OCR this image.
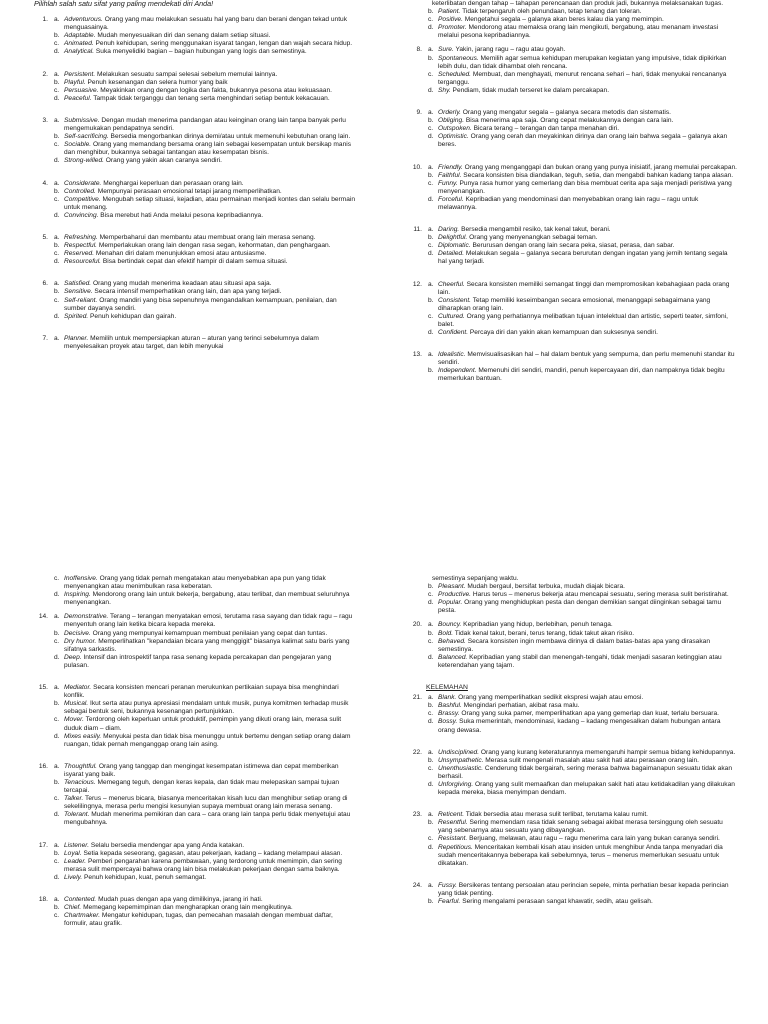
Pilihlah salah satu sifat yang paling mendekati diri Anda!
1. a. Adventurous. Orang yang mau melakukan sesuatu hal yang baru dan berani dengan tekad untuk menguasainya.
b. Adaptable. Mudah menyesuaikan diri dan senang dalam setiap situasi.
c. Animated. Penuh kehidupan, sering menggunakan isyarat tangan, lengan dan wajah secara hidup.
d. Analytical. Suka menyelidiki bagian – bagian hubungan yang logis dan semestinya.
2. a. Persistent. Melakukan sesuatu sampai selesai sebelum memulai lainnya.
b. Playful. Penuh kesenangan dan selera humor yang baik
c. Persuasive. Meyakinkan orang dengan logika dan fakta, bukannya pesona atau kekuasaan.
d. Peaceful. Tampak tidak terganggu dan tenang serta menghindari setiap bentuk kekacauan.
3. a. Submissive. Dengan mudah menerima pandangan atau keinginan orang lain tanpa banyak perlu mengemukakan pendapatnya sendiri.
b. Self-sacrificing. Bersedia mengorbankan dirinya demi/atau untuk memenuhi kebutuhan orang lain.
c. Sociable. Orang yang memandang bersama orang lain sebagai kesempatan untuk bersikap manis dan menghibur, bukannya sebagai tantangan atau kesempatan bisnis.
d. Strong-willed. Orang yang yakin akan caranya sendiri.
4. a. Considerate. Menghargai keperluan dan perasaan orang lain.
b. Controlled. Mempunyai perasaan emosional tetapi jarang memperlihatkan.
c. Competitive. Mengubah setiap situasi, kejadian, atau permainan menjadi kontes dan selalu bermain untuk menang.
d. Convincing. Bisa merebut hati Anda melalui pesona kepribadiannya.
5. a. Refreshing. Memperbaharui dan membantu atau membuat orang lain merasa senang.
b. Respectful. Memperlakukan orang lain dengan rasa segan, kehormatan, dan penghargaan.
c. Reserved. Menahan diri dalam menunjukkan emosi atau antusiasme.
d. Resourceful. Bisa bertindak cepat dan efektif hampir di dalam semua situasi.
6. a. Satisfied. Orang yang mudah menerima keadaan atau situasi apa saja.
b. Sensitive. Secara intensif memperhatikan orang lain, dan apa yang terjadi.
c. Self-reliant. Orang mandiri yang bisa sepenuhnya mengandalkan kemampuan, penilaian, dan sumber dayanya sendiri.
d. Spirited. Penuh kehidupan dan gairah.
7. a. Planner. Memilih untuk mempersiapkan aturan – aturan yang terinci sebelumnya dalam menyelesaikan proyek atau target, dan lebih menyukai
keterlibatan dengan tahap – tahapan perencanaan dan produk jadi, bukannya melaksanakan tugas.
b. Patient. Tidak terpengaruh oleh penundaan, tetap tenang dan toleran.
c. Positive. Mengetahui segala – galanya akan beres kalau dia yang memimpin.
d. Promoter. Mendorong atau memaksa orang lain mengikuti, bergabung, atau menanam investasi melalui pesona kepribadiannya.
8. a. Sure. Yakin, jarang ragu – ragu atau goyah.
b. Spontaneous. Memilih agar semua kehidupan merupakan kegiatan yang impulsive, tidak dipikirkan lebih dulu, dan tidak dihambat oleh rencana.
c. Scheduled. Membuat, dan menghayati, menurut rencana sehari – hari, tidak menyukai rencananya terganggu.
d. Shy. Pendiam, tidak mudah terseret ke dalam percakapan.
9. a. Orderly. Orang yang mengatur segala – galanya secara metodis dan sistematis.
b. Obliging. Bisa menerima apa saja. Orang cepat melakukannya dengan cara lain.
c. Outspoken. Bicara terang – terangan dan tanpa menahan diri.
d. Optimistic. Orang yang cerah dan meyakinkan dirinya dan orang lain bahwa segala – galanya akan beres.
10. a. Friendly. Orang yang menganggapi dan bukan orang yang punya inisiatif, jarang memulai percakapan.
b. Faithful. Secara konsisten bisa diandalkan, teguh, setia, dan mengabdi bahkan kadang tanpa alasan.
c. Funny. Punya rasa humor yang cemerlang dan bisa membuat cerita apa saja menjadi peristiwa yang menyenangkan.
d. Forceful. Kepribadian yang mendominasi dan menyebabkan orang lain ragu – ragu untuk melawannya.
11. a. Daring. Bersedia mengambil resiko, tak kenal takut, berani.
b. Delightful. Orang yang menyenangkan sebagai teman.
c. Diplomatic. Berurusan dengan orang lain secara peka, siasat, perasa, dan sabar.
d. Detailed. Melakukan segala – galanya secara berurutan dengan ingatan yang jernih tentang segala hal yang terjadi.
12. a. Cheerful. Secara konsisten memiliki semangat tinggi dan mempromosikan kebahagiaan pada orang lain.
b. Consistent. Tetap memiliki keseimbangan secara emosional, menanggapi sebagaimana yang diharapkan orang lain.
c. Cultured. Orang yang perhatiannya melibatkan tujuan intelektual dan artistic, seperti teater, simfoni, balet.
d. Confident. Percaya diri dan yakin akan kemampuan dan suksesnya sendiri.
13. a. Idealistic. Memvisualisasikan hal – hal dalam bentuk yang sempurna, dan perlu memenuhi standar itu sendiri.
b. Independent. Memenuhi diri sendiri, mandiri, penuh kepercayaan diri, dan nampaknya tidak begitu memerlukan bantuan.
c. Inoffensive. Orang yang tidak pernah mengatakan atau menyebabkan apa pun yang tidak menyenangkan atau menimbulkan rasa keberatan.
d. Inspiring. Mendorong orang lain untuk bekerja, bergabung, atau terlibat, dan membuat seluruhnya menyenangkan.
14. a. Demonstrative. Terang – terangan menyatakan emosi, terutama rasa sayang dan tidak ragu – ragu menyentuh orang lain ketika bicara kepada mereka.
b. Decisive. Orang yang mempunyai kemampuan membuat penilaian yang cepat dan tuntas.
c. Dry humor. Memperlihatkan "kepandaian bicara yang menggigit" biasanya kalimat satu baris yang sifatnya sarkastis.
d. Deep. Intensif dan introspektif tanpa rasa senang kepada percakapan dan pengejaran yang pulasan.
15. a. Mediator. Secara konsisten mencari peranan merukunkan pertikaian supaya bisa menghindari konflik.
b. Musical. Ikut serta atau punya apresiasi mendalam untuk musik, punya komitmen terhadap musik sebagai bentuk seni, bukannya kesenangan pertunjukkan.
c. Mover. Terdorong oleh keperluan untuk produktif, pemimpin yang dikuti orang lain, merasa sulit duduk diam – diam.
d. Mixes easily. Menyukai pesta dan tidak bisa menunggu untuk bertemu dengan setiap orang dalam ruangan, tidak pernah menganggap orang lain asing.
16. a. Thoughtful. Orang yang tanggap dan mengingat kesempatan istimewa dan cepat memberikan isyarat yang baik.
b. Tenacious. Memegang teguh, dengan keras kepala, dan tidak mau melepaskan sampai tujuan tercapai.
c. Talker. Terus – menerus bicara, biasanya menceritakan kisah lucu dan menghibur setiap orang di sekelilingnya, merasa perlu mengisi kesunyian supaya membuat orang lain merasa senang.
d. Tolerant. Mudah menerima pemikiran dan cara – cara orang lain tanpa perlu tidak menyetujui atau mengubahnya.
17. a. Listener. Selalu bersedia mendengar apa yang Anda katakan.
b. Loyal. Setia kepada seseorang, gagasan, atau pekerjaan, kadang – kadang melampaui alasan.
c. Leader. Pemberi pengarahan karena pembawaan, yang terdorong untuk memimpin, dan sering merasa sulit mempercayai bahwa orang lain bisa melakukan pekerjaan dengan sama baiknya.
d. Lively. Penuh kehidupan, kuat, penuh semangat.
18. a. Contented. Mudah puas dengan apa yang dimilikinya, jarang iri hati.
b. Chief. Memegang kepemimpinan dan mengharapkan orang lain mengikutinya.
c. Chartmaker. Mengatur kehidupan, tugas, dan pemecahan masalah dengan membuat daftar, formulir, atau grafik.
semestinya sepanjang waktu.
b. Pleasant. Mudah bergaul, bersifat terbuka, mudah diajak bicara.
c. Productive. Harus terus – menerus bekerja atau mencapai sesuatu, sering merasa sulit beristirahat.
d. Popular. Orang yang menghidupkan pesta dan dengan demikian sangat diinginkan sebagai tamu pesta.
20. a. Bouncy. Kepribadian yang hidup, berlebihan, penuh tenaga.
b. Bold. Tidak kenal takut, berani, terus terang, tidak takut akan risiko.
c. Behaved. Secara konsisten ingin membawa dirinya di dalam batas-batas apa yang dirasakan semestinya.
d. Balanced. Kepribadian yang stabil dan menengah-tengahi, tidak menjadi sasaran ketinggian atau keterendahan yang tajam.
KELEMAHAN
21. a. Blank. Orang yang memperlihatkan sedikit ekspresi wajah atau emosi.
b. Bashful. Mengindari perhatian, akibat rasa malu.
c. Brassy. Orang yang suka pamer, memperlihatkan apa yang gemerlap dan kuat, terlalu bersuara.
d. Bossy. Suka memerintah, mendominasi, kadang – kadang mengesalkan dalam hubungan antara orang dewasa.
22. a. Undisciplined. Orang yang kurang keteraturannya memengaruhi hampir semua bidang kehidupannya.
b. Unsympathetic. Merasa sulit mengenali masalah atau sakit hati atau perasaan orang lain.
c. Unenthusiastic. Cenderung tidak bergairah, sering merasa bahwa bagaimanapun sesuatu tidak akan berhasil.
d. Unforgiving. Orang yang sulit memaafkan dan melupakan sakit hati atau ketidakadilan yang dilakukan kepada mereka, biasa menyimpan dendam.
23. a. Reticent. Tidak bersedia atau merasa sulit terlibat, terutama kalau rumit.
b. Resentful. Sering memendam rasa tidak senang sebagai akibat merasa tersinggung oleh sesuatu yang sebenarnya atau sesuatu yang dibayangkan.
c. Resistant. Berjuang, melawan, atau ragu – ragu menerima cara lain yang bukan caranya sendiri.
d. Repetitious. Menceritakan kembali kisah atau insiden untuk menghibur Anda tanpa menyadari dia sudah menceritakannya beberapa kali sebelumnya, terus – menerus memerlukan sesuatu untuk dikatakan.
24. a. Fussy. Bersikeras tentang persoalan atau perincian sepele, minta perhatian besar kepada perincian yang tidak penting.
b. Fearful. Sering mengalami perasaan sangat khawatir, sedih, atau gelisah.
